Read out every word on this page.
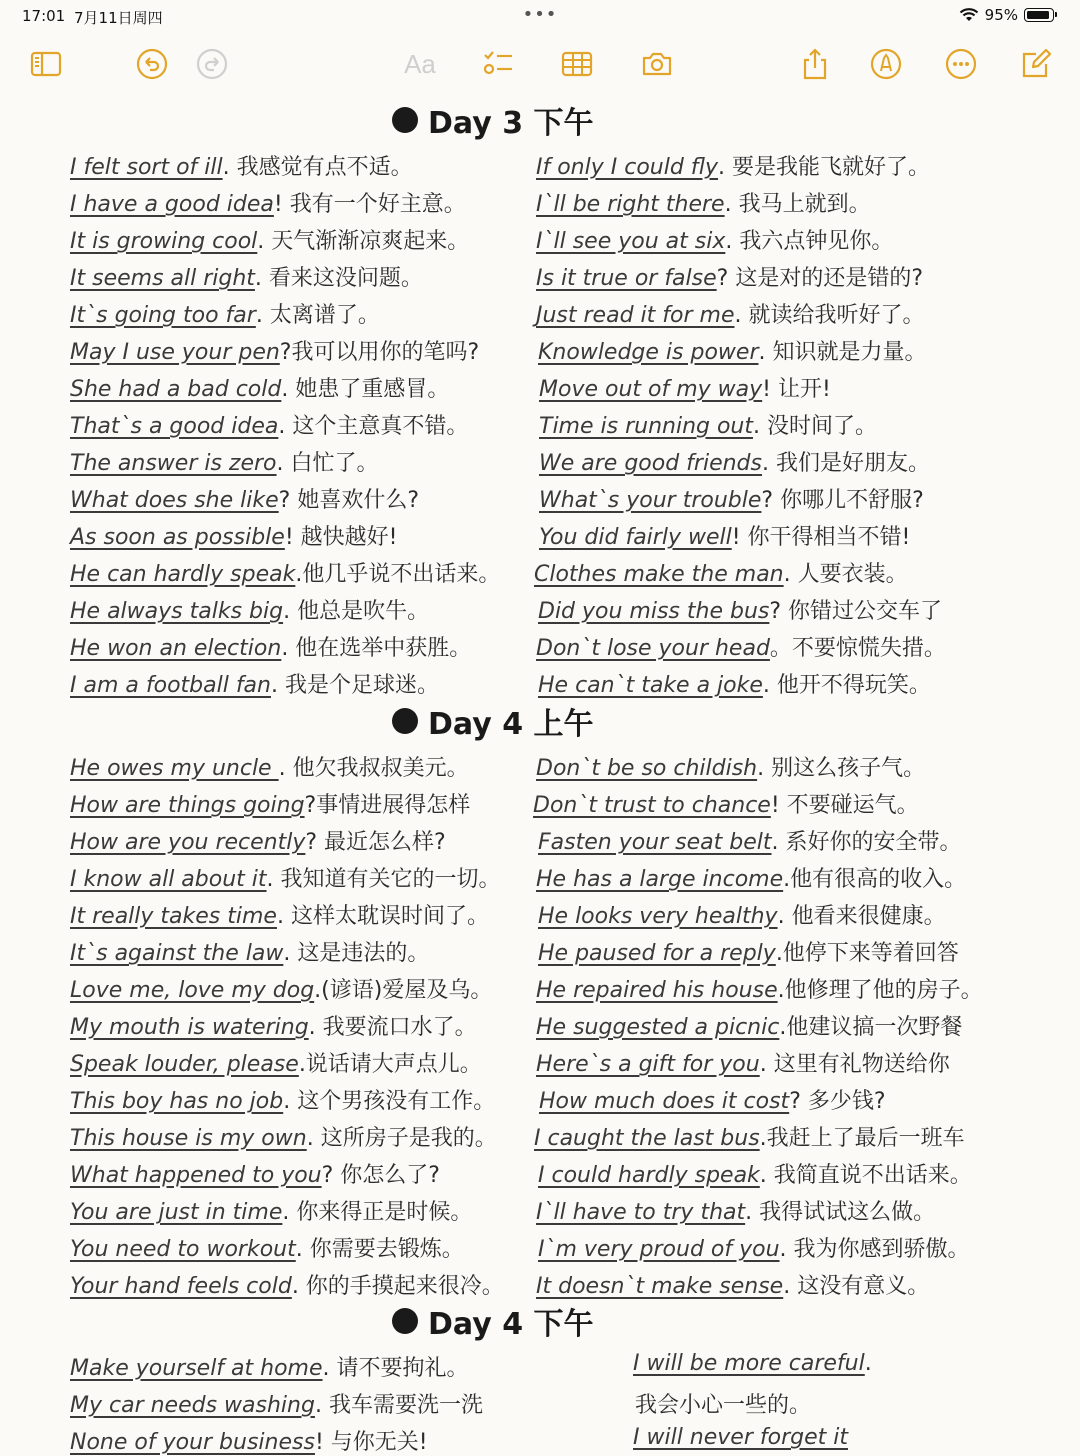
17:01 7月11日周四	•••	95%
Aa
Day 3 下午
I felt sort of ill. 我感觉有点不适。
I have a good idea! 我有一个好主意。
It is growing cool. 天气渐渐凉爽起来。
It seems all right. 看来这没问题。
It`s going too far. 太离谱了。
May I use your pen?我可以用你的笔吗?
She had a bad cold. 她患了重感冒。
That`s a good idea. 这个主意真不错。
The answer is zero. 白忙了。
What does she like? 她喜欢什么?
As soon as possible! 越快越好!
He can hardly speak.他几乎说不出话来。
He always talks big. 他总是吹牛。
He won an election. 他在选举中获胜。
I am a football fan. 我是个足球迷。
If only I could fly. 要是我能飞就好了。
I`ll be right there. 我马上就到。
I`ll see you at six. 我六点钟见你。
Is it true or false? 这是对的还是错的?
Just read it for me. 就读给我听好了。
Knowledge is power. 知识就是力量。
Move out of my way! 让开!
Time is running out. 没时间了。
We are good friends. 我们是好朋友。
What`s your trouble? 你哪儿不舒服?
You did fairly well! 你干得相当不错!
Clothes make the man. 人要衣装。
Did you miss the bus? 你错过公交车了
Don`t lose your head。不要惊慌失措。
He can`t take a joke. 他开不得玩笑。
Day 4 上午
He owes my uncle . 他欠我叔叔美元。
How are things going?事情进展得怎样
How are you recently? 最近怎么样?
I know all about it. 我知道有关它的一切。
It really takes time. 这样太耽误时间了。
It`s against the law. 这是违法的。
Love me, love my dog.(谚语)爱屋及乌。
My mouth is watering. 我要流口水了。
Speak louder, please.说话请大声点儿。
This boy has no job. 这个男孩没有工作。
This house is my own. 这所房子是我的。
What happened to you? 你怎么了?
You are just in time. 你来得正是时候。
You need to workout. 你需要去锻炼。
Your hand feels cold. 你的手摸起来很冷。
Don`t be so childish. 别这么孩子气。
Don`t trust to chance! 不要碰运气。
Fasten your seat belt. 系好你的安全带。
He has a large income.他有很高的收入。
He looks very healthy. 他看来很健康。
He paused for a reply.他停下来等着回答
He repaired his house.他修理了他的房子。
He suggested a picnic.他建议搞一次野餐
Here`s a gift for you. 这里有礼物送给你
How much does it cost? 多少钱?
I caught the last bus.我赶上了最后一班车
I could hardly speak. 我简直说不出话来。
I`ll have to try that. 我得试试这么做。
I`m very proud of you. 我为你感到骄傲。
It doesn`t make sense. 这没有意义。
Day 4 下午
Make yourself at home. 请不要拘礼。
My car needs washing. 我车需要洗一洗
None of your business! 与你无关!
I will be more careful.
我会小心一些的。
I will never forget it
